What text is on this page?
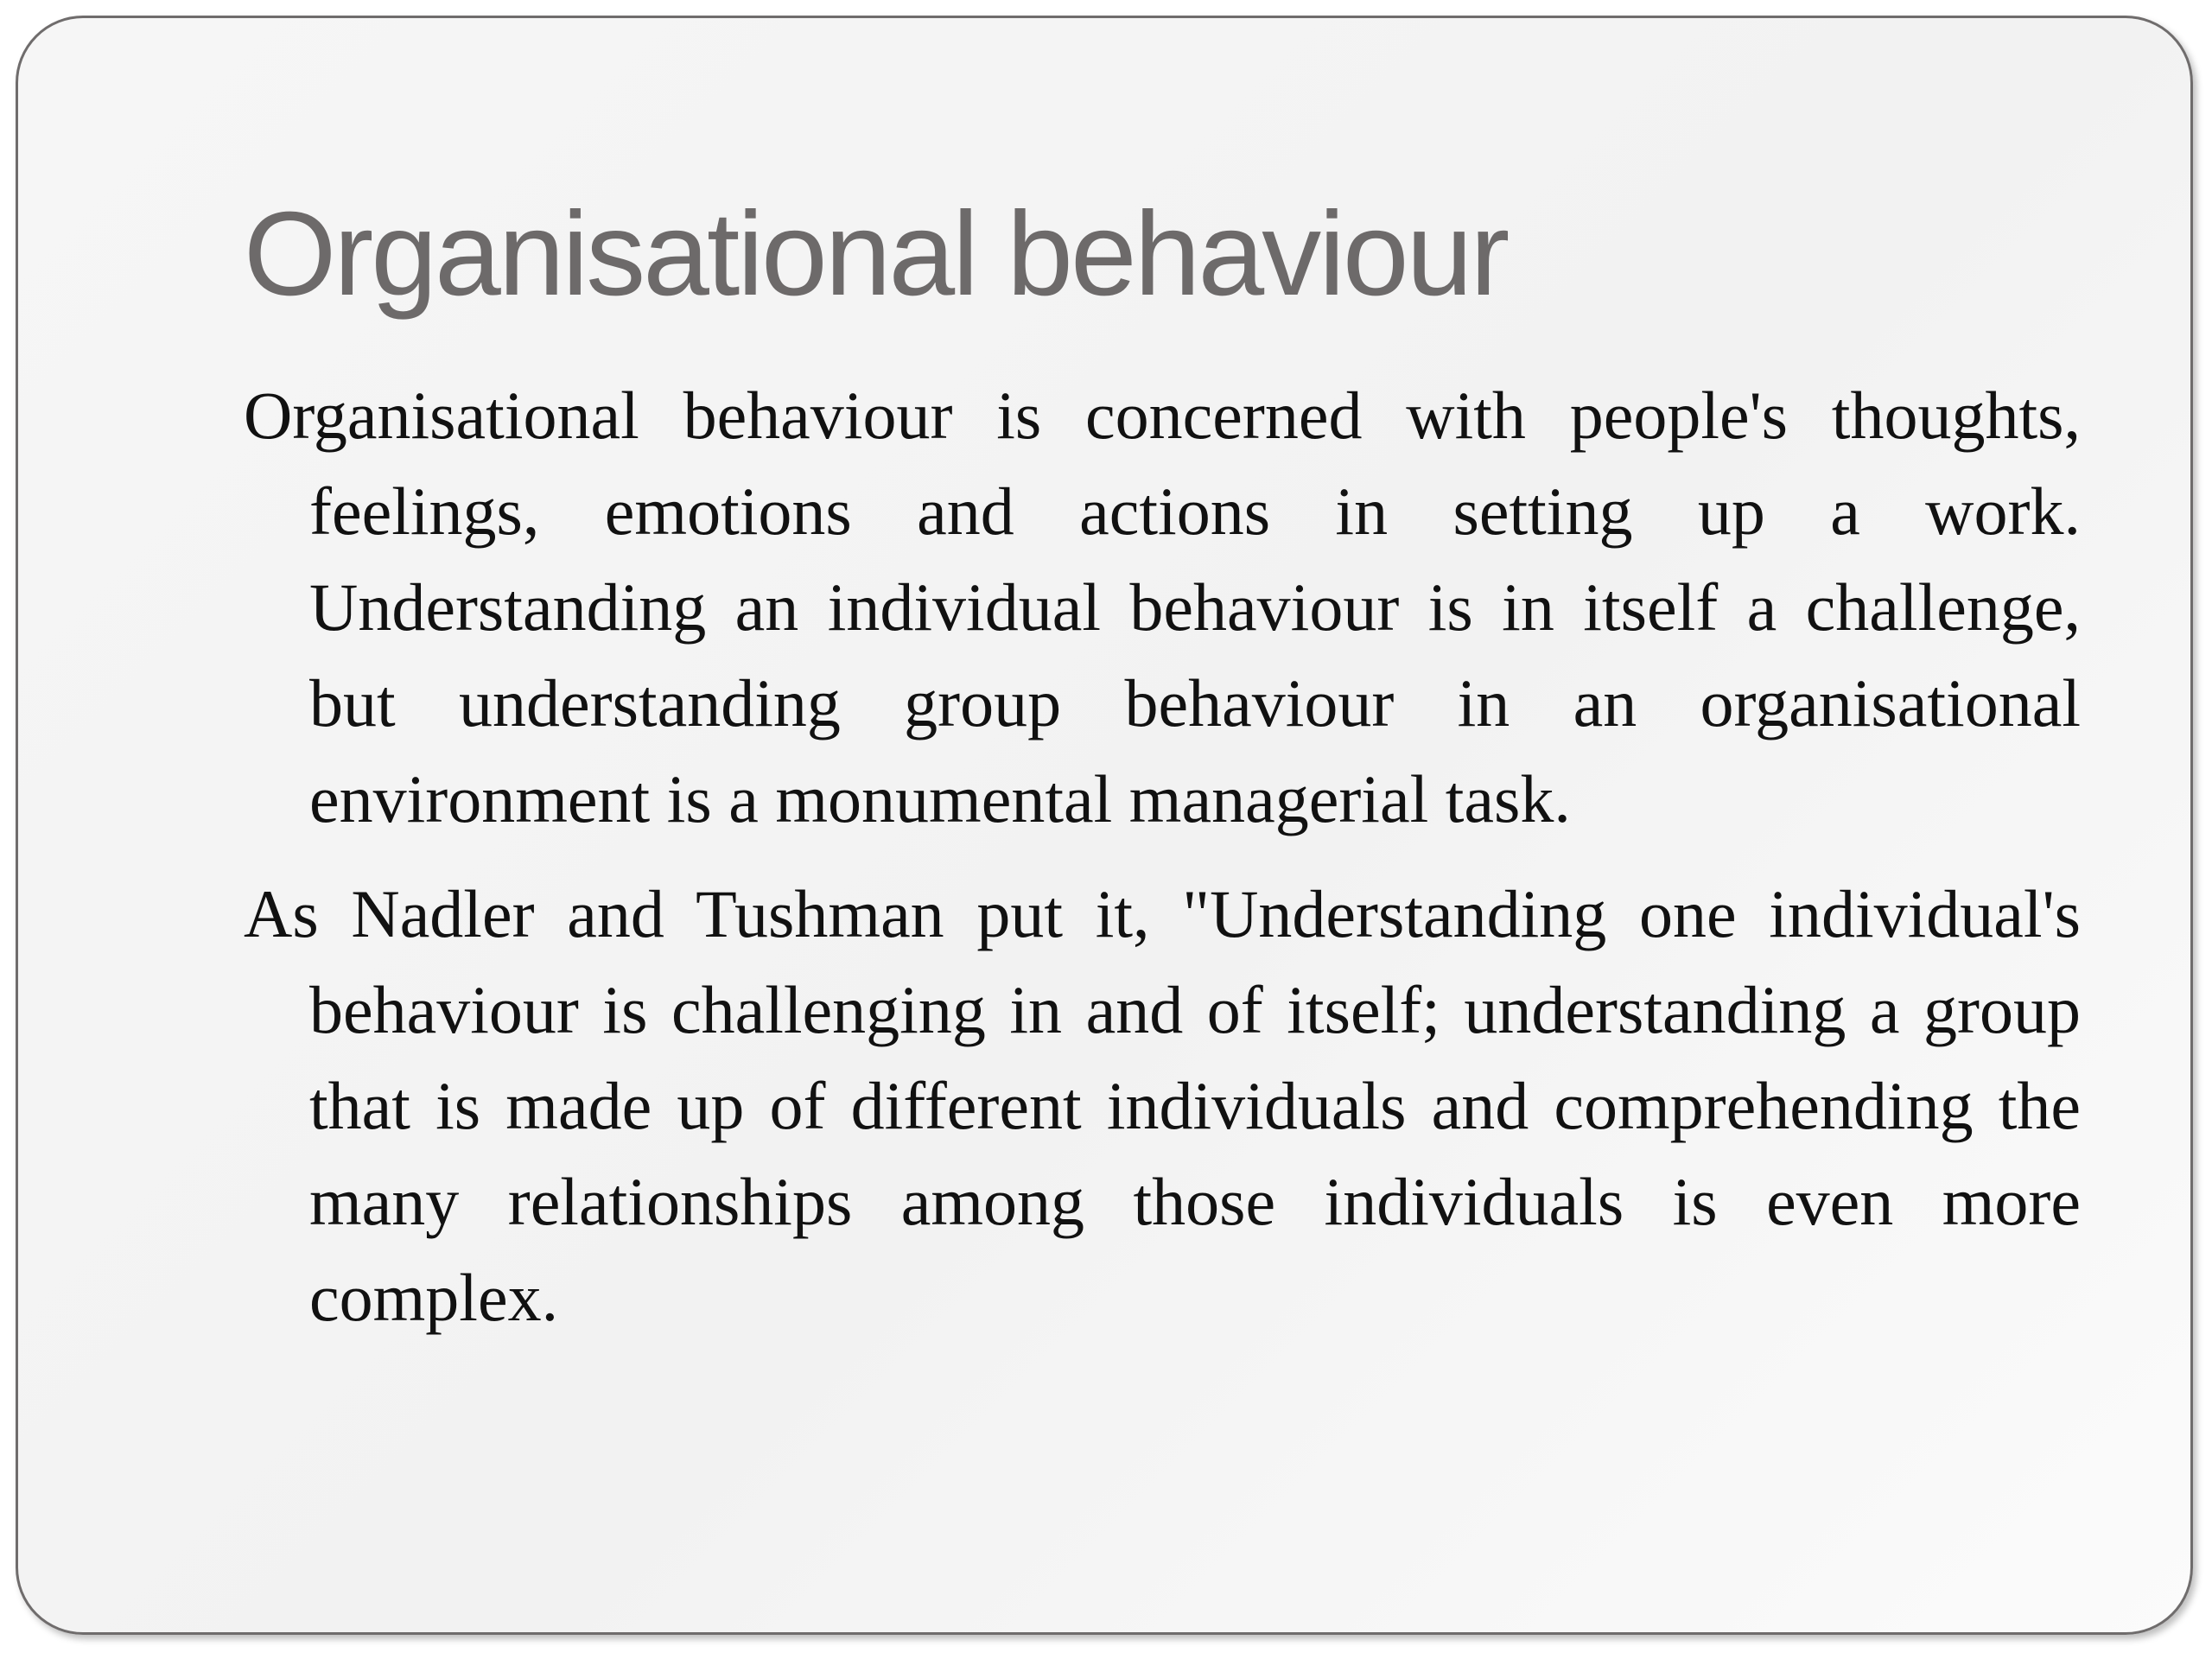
Organisational behaviour

Organisational behaviour is concerned with people's thoughts, feelings, emotions and actions in setting up a work. Understanding an individual behaviour is in itself a challenge, but understanding group behaviour in an organisational environment is a monumental managerial task.

As Nadler and Tushman put it, "Understanding one individual's behaviour is challenging in and of itself; understanding a group that is made up of different individuals and comprehending the many relationships among those individuals is even more complex.
